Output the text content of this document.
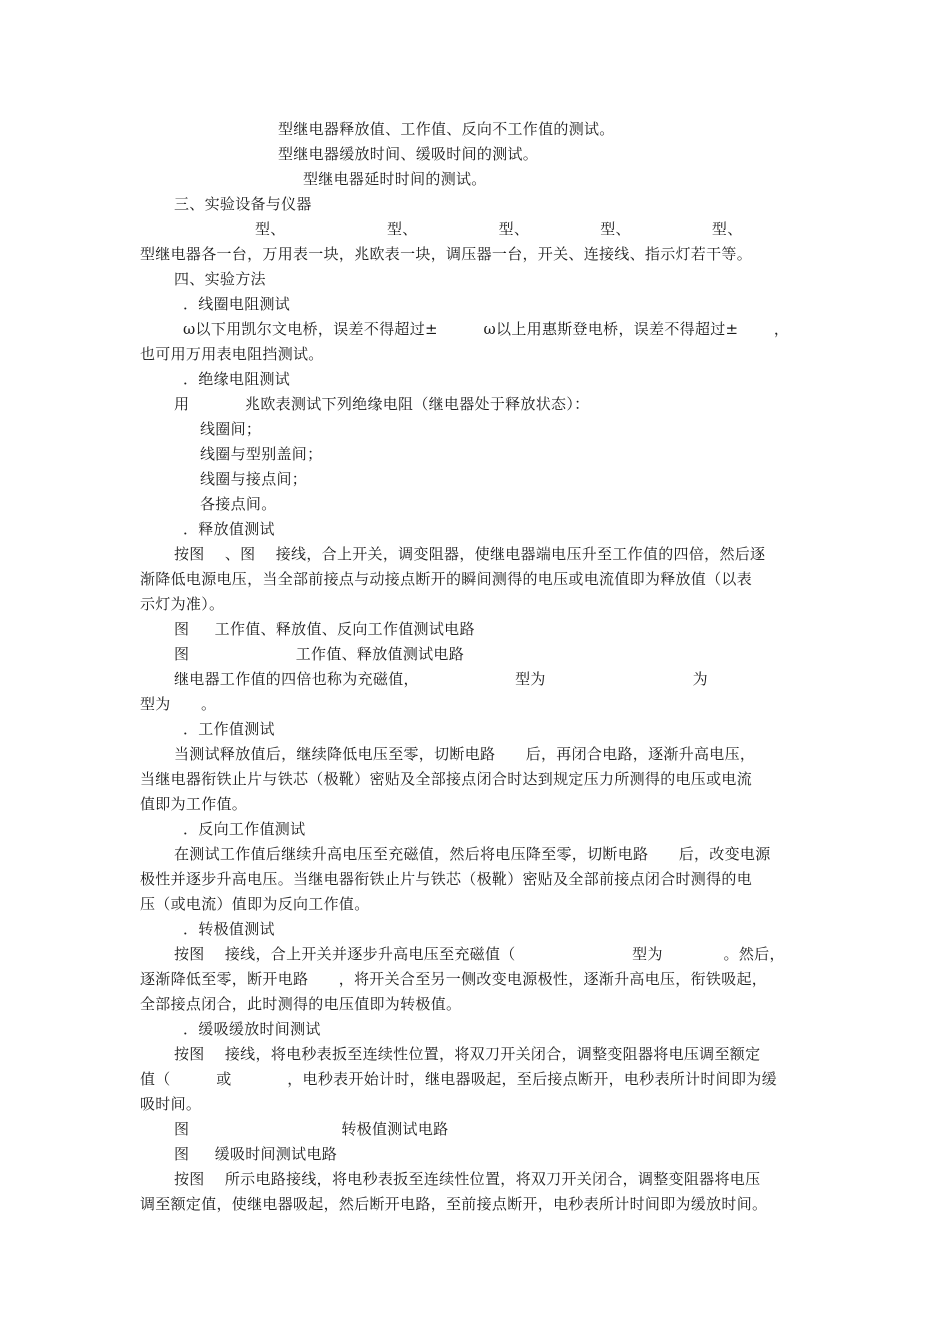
型继电器释放值、工作值、反向不工作值的测试。
型继电器缓放时间、缓吸时间的测试。
型继电器延时时间的测试。
三、实验设备与仪器
型、                    型、                型、              型、                型、
型继电器各一台，万用表一块，兆欧表一块，调压器一台，开关、连接线、指示灯若干等。
四、实验方法
．线圈电阻测试
ω以下用凯尔文电桥，误差不得超过±         ω以上用惠斯登电桥，误差不得超过±       ，
也可用万用表电阻挡测试。
．绝缘电阻测试
用           兆欧表测试下列绝缘电阻（继电器处于释放状态）：
线圈间；
线圈与型别盖间；
线圈与接点间；
各接点间。
．释放值测试
按图    、图    接线，合上开关，调变阻器，使继电器端电压升至工作值的四倍，然后逐
渐降低电源电压，当全部前接点与动接点断开的瞬间测得的电压或电流值即为释放值（以表
示灯为准）。
图     工作值、释放值、反向工作值测试电路
图                     工作值、释放值测试电路
继电器工作值的四倍也称为充磁值，                   型为                             为
型为      。
．工作值测试
当测试释放值后，继续降低电压至零，切断电路      后，再闭合电路，逐渐升高电压，
当继电器衔铁止片与铁芯（极靴）密贴及全部接点闭合时达到规定压力所测得的电压或电流
值即为工作值。
．反向工作值测试
在测试工作值后继续升高电压至充磁值，然后将电压降至零，切断电路      后，改变电源
极性并逐步升高电压。当继电器衔铁止片与铁芯（极靴）密贴及全部前接点闭合时测得的电
压（或电流）值即为反向工作值。
．转极值测试
按图    接线，合上开关并逐步升高电压至充磁值（                       型为            。然后，
逐渐降低至零，断开电路      ，将开关合至另一侧改变电源极性，逐渐升高电压，衔铁吸起，
全部接点闭合，此时测得的电压值即为转极值。
．缓吸缓放时间测试
按图    接线，将电秒表扳至连续性位置，将双刀开关闭合，调整变阻器将电压调至额定
值（         或           ，电秒表开始计时，继电器吸起，至后接点断开，电秒表所计时间即为缓
吸时间。
图                              转极值测试电路
图     缓吸时间测试电路
按图    所示电路接线，将电秒表扳至连续性位置，将双刀开关闭合，调整变阻器将电压
调至额定值，使继电器吸起，然后断开电路，至前接点断开，电秒表所计时间即为缓放时间。
